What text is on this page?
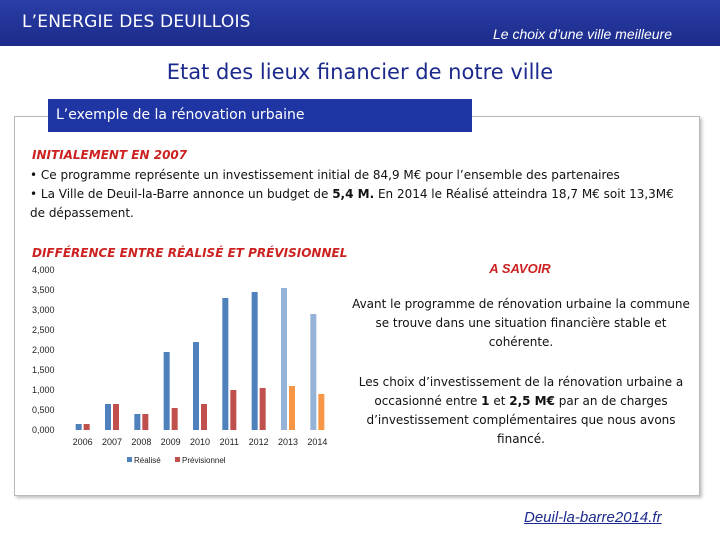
L’ENERGIE DES DEUILLOIS
Le choix d’une ville meilleure
Etat des lieux financier de notre ville
L’exemple de la rénovation urbaine
INITIALEMENT EN 2007

• Ce programme représente un investissement initial de 84,9 M€ pour l’ensemble des partenaires

• La Ville de Deuil-la-Barre annonce un budget de 5,4 M. En 2014 le Réalisé atteindra 18,7 M€ soit 13,3M€ de dépassement.

DIFFÉRENCE ENTRE RÉALISÉ ET PRÉVISIONNEL
0,000
0,500
1,000
1,500
2,000
2,500
3,000
3,500
4,000
2006 2007 2008 2009 2010 2011 2012 2013 2014
Réalisé	Prévisionnel
A SAVOIR

Avant le programme de rénovation urbaine la commune se trouve dans une situation financière stable et cohérente.

Les choix d’investissement de la rénovation urbaine a occasionné entre 1 et 2,5 M€ par an de charges d’investissement complémentaires que nous avons financé.

Deuil-la-barre2014.fr
